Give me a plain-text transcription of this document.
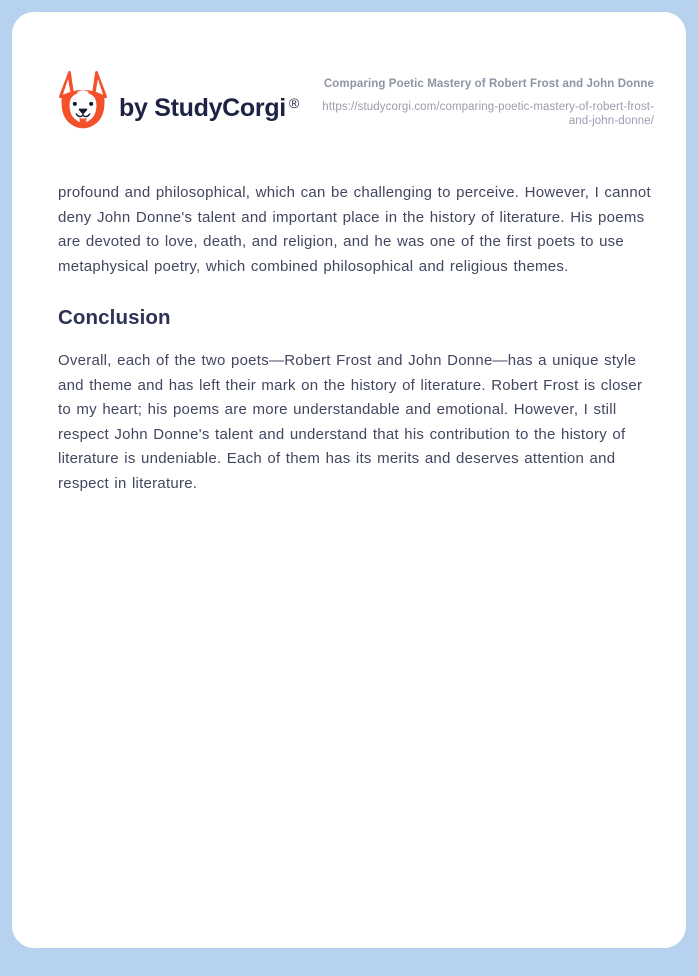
by StudyCorgi ®
Comparing Poetic Mastery of Robert Frost and John Donne
https://studycorgi.com/comparing-poetic-mastery-of-robert-frost-and-john-donne/

profound and philosophical, which can be challenging to perceive. However, I cannot deny John Donne's talent and important place in the history of literature. His poems are devoted to love, death, and religion, and he was one of the first poets to use metaphysical poetry, which combined philosophical and religious themes.

Conclusion

Overall, each of the two poets—Robert Frost and John Donne—has a unique style and theme and has left their mark on the history of literature. Robert Frost is closer to my heart; his poems are more understandable and emotional. However, I still respect John Donne's talent and understand that his contribution to the history of literature is undeniable. Each of them has its merits and deserves attention and respect in literature.
